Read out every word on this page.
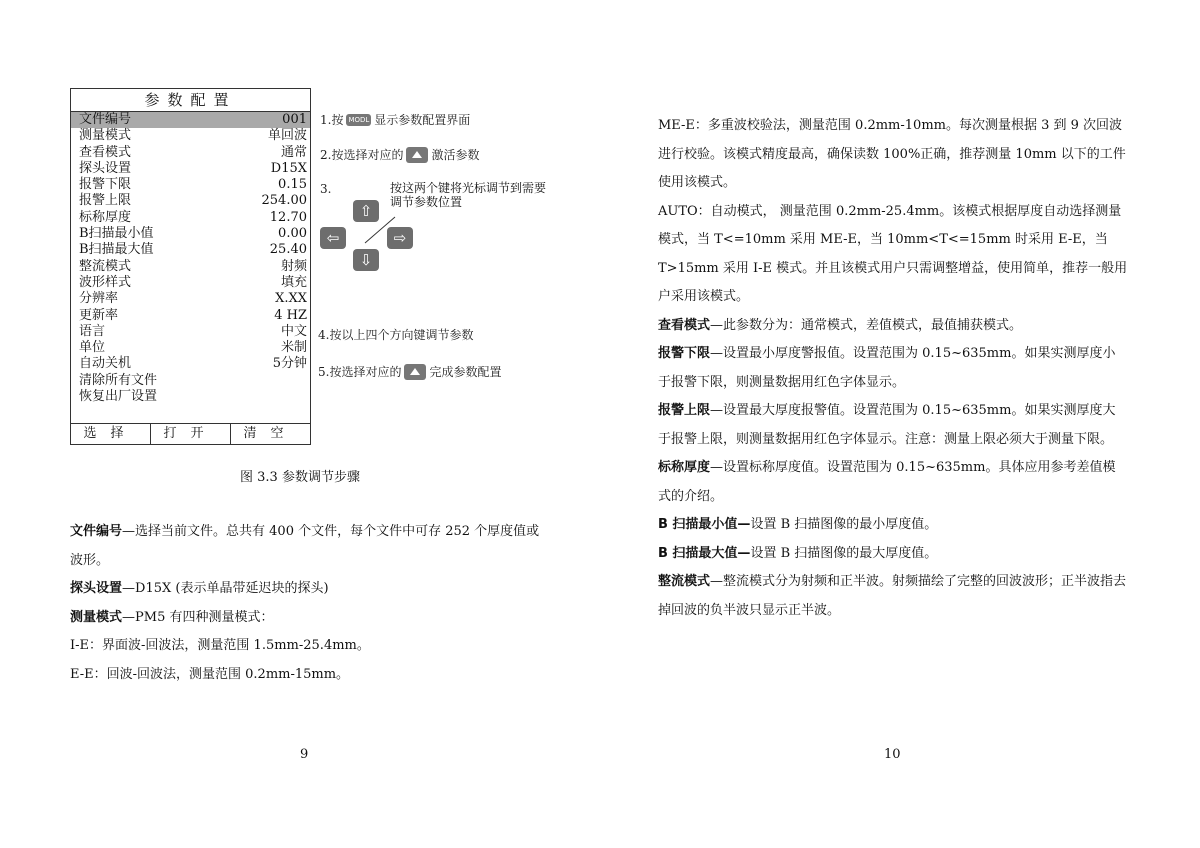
参数配置
文件编号	001
测量模式	单回波
查看模式	通常
探头设置	D15X
报警下限	0.15
报警上限	254.00
标称厚度	12.70
B扫描最小值	0.00
B扫描最大值	25.40
整流模式	射频
波形样式	填充
分辨率	X.XX
更新率	4 HZ
语言	中文
单位	米制
自动关机	5分钟
清除所有文件
恢复出厂设置
选择	打开	清空
1.按 MODL 显示参数配置界面
2.按选择对应的 激活参数
3.	按这两个键将光标调节到需要调节参数位置
⇧
⇦	⇨
⇩
4.按以上四个方向键调节参数
5.按选择对应的 完成参数配置
图 3.3 参数调节步骤

文件编号—选择当前文件。总共有 400 个文件，每个文件中可存 252 个厚度值或波形。

探头设置—D15X (表示单晶带延迟块的探头)

测量模式—PM5 有四种测量模式：

I-E：界面波-回波法，测量范围 1.5mm-25.4mm。

E-E：回波-回波法，测量范围 0.2mm-15mm。

ME-E：多重波校验法，测量范围 0.2mm-10mm。每次测量根据 3 到 9 次回波进行校验。该模式精度最高，确保读数 100%正确，推荐测量 10mm 以下的工件使用该模式。

AUTO：自动模式， 测量范围 0.2mm-25.4mm。该模式根据厚度自动选择测量模式，当 T<=10mm 采用 ME-E，当 10mm<T<=15mm 时采用 E-E，当 T>15mm 采用 I-E 模式。并且该模式用户只需调整增益，使用简单，推荐一般用户采用该模式。

查看模式—此参数分为：通常模式，差值模式，最值捕获模式。

报警下限—设置最小厚度警报值。设置范围为 0.15~635mm。如果实测厚度小于报警下限，则测量数据用红色字体显示。

报警上限—设置最大厚度报警值。设置范围为 0.15~635mm。如果实测厚度大于报警上限，则测量数据用红色字体显示。注意：测量上限必须大于测量下限。

标称厚度—设置标称厚度值。设置范围为 0.15~635mm。具体应用参考差值模式的介绍。

B 扫描最小值—设置 B 扫描图像的最小厚度值。

B 扫描最大值—设置 B 扫描图像的最大厚度值。

整流模式—整流模式分为射频和正半波。射频描绘了完整的回波波形；正半波指去掉回波的负半波只显示正半波。

9	10
